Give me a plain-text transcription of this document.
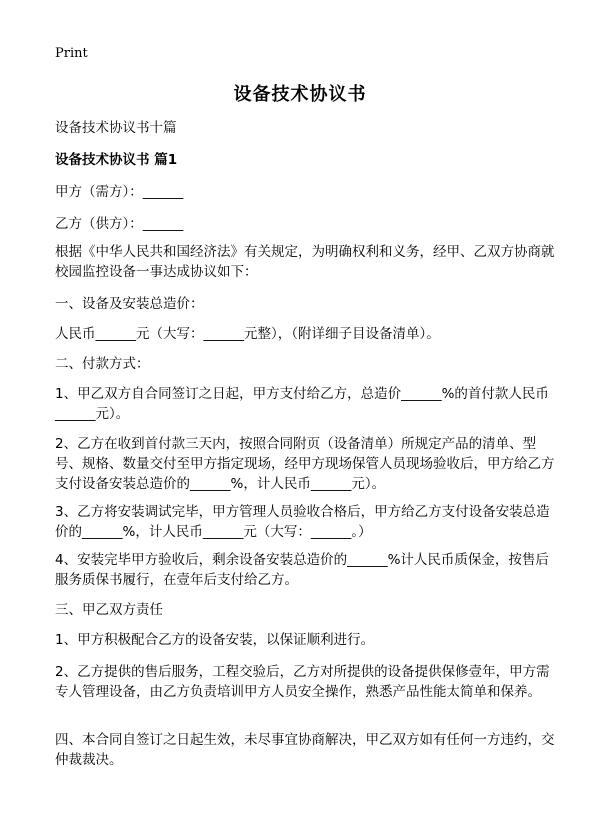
Print
设备技术协议书
设备技术协议书十篇
设备技术协议书 篇1
甲方（需方）：______
乙方（供方）：______
根据《中华人民共和国经济法》有关规定，为明确权利和义务，经甲、乙双方协商就校园监控设备一事达成协议如下：
一、设备及安装总造价：
人民币______元（大写：______元整），（附详细子目设备清单）。
二、付款方式：
1、甲乙双方自合同签订之日起，甲方支付给乙方，总造价______%的首付款人民币______元）。
2、乙方在收到首付款三天内，按照合同附页（设备清单）所规定产品的清单、型号、规格、数量交付至甲方指定现场，经甲方现场保管人员现场验收后，甲方给乙方支付设备安装总造价的______%，计人民币______元）。
3、乙方将安装调试完毕，甲方管理人员验收合格后，甲方给乙方支付设备安装总造价的______%，计人民币______元（大写：______。）
4、安装完毕甲方验收后，剩余设备安装总造价的______%计人民币质保金，按售后服务质保书履行，在壹年后支付给乙方。
三、甲乙双方责任
1、甲方积极配合乙方的设备安装，以保证顺利进行。
2、乙方提供的售后服务，工程交验后，乙方对所提供的设备提供保修壹年，甲方需专人管理设备，由乙方负责培训甲方人员安全操作，熟悉产品性能太简单和保养。
四、本合同自签订之日起生效，未尽事宜协商解决，甲乙双方如有任何一方违约，交仲裁裁决。
